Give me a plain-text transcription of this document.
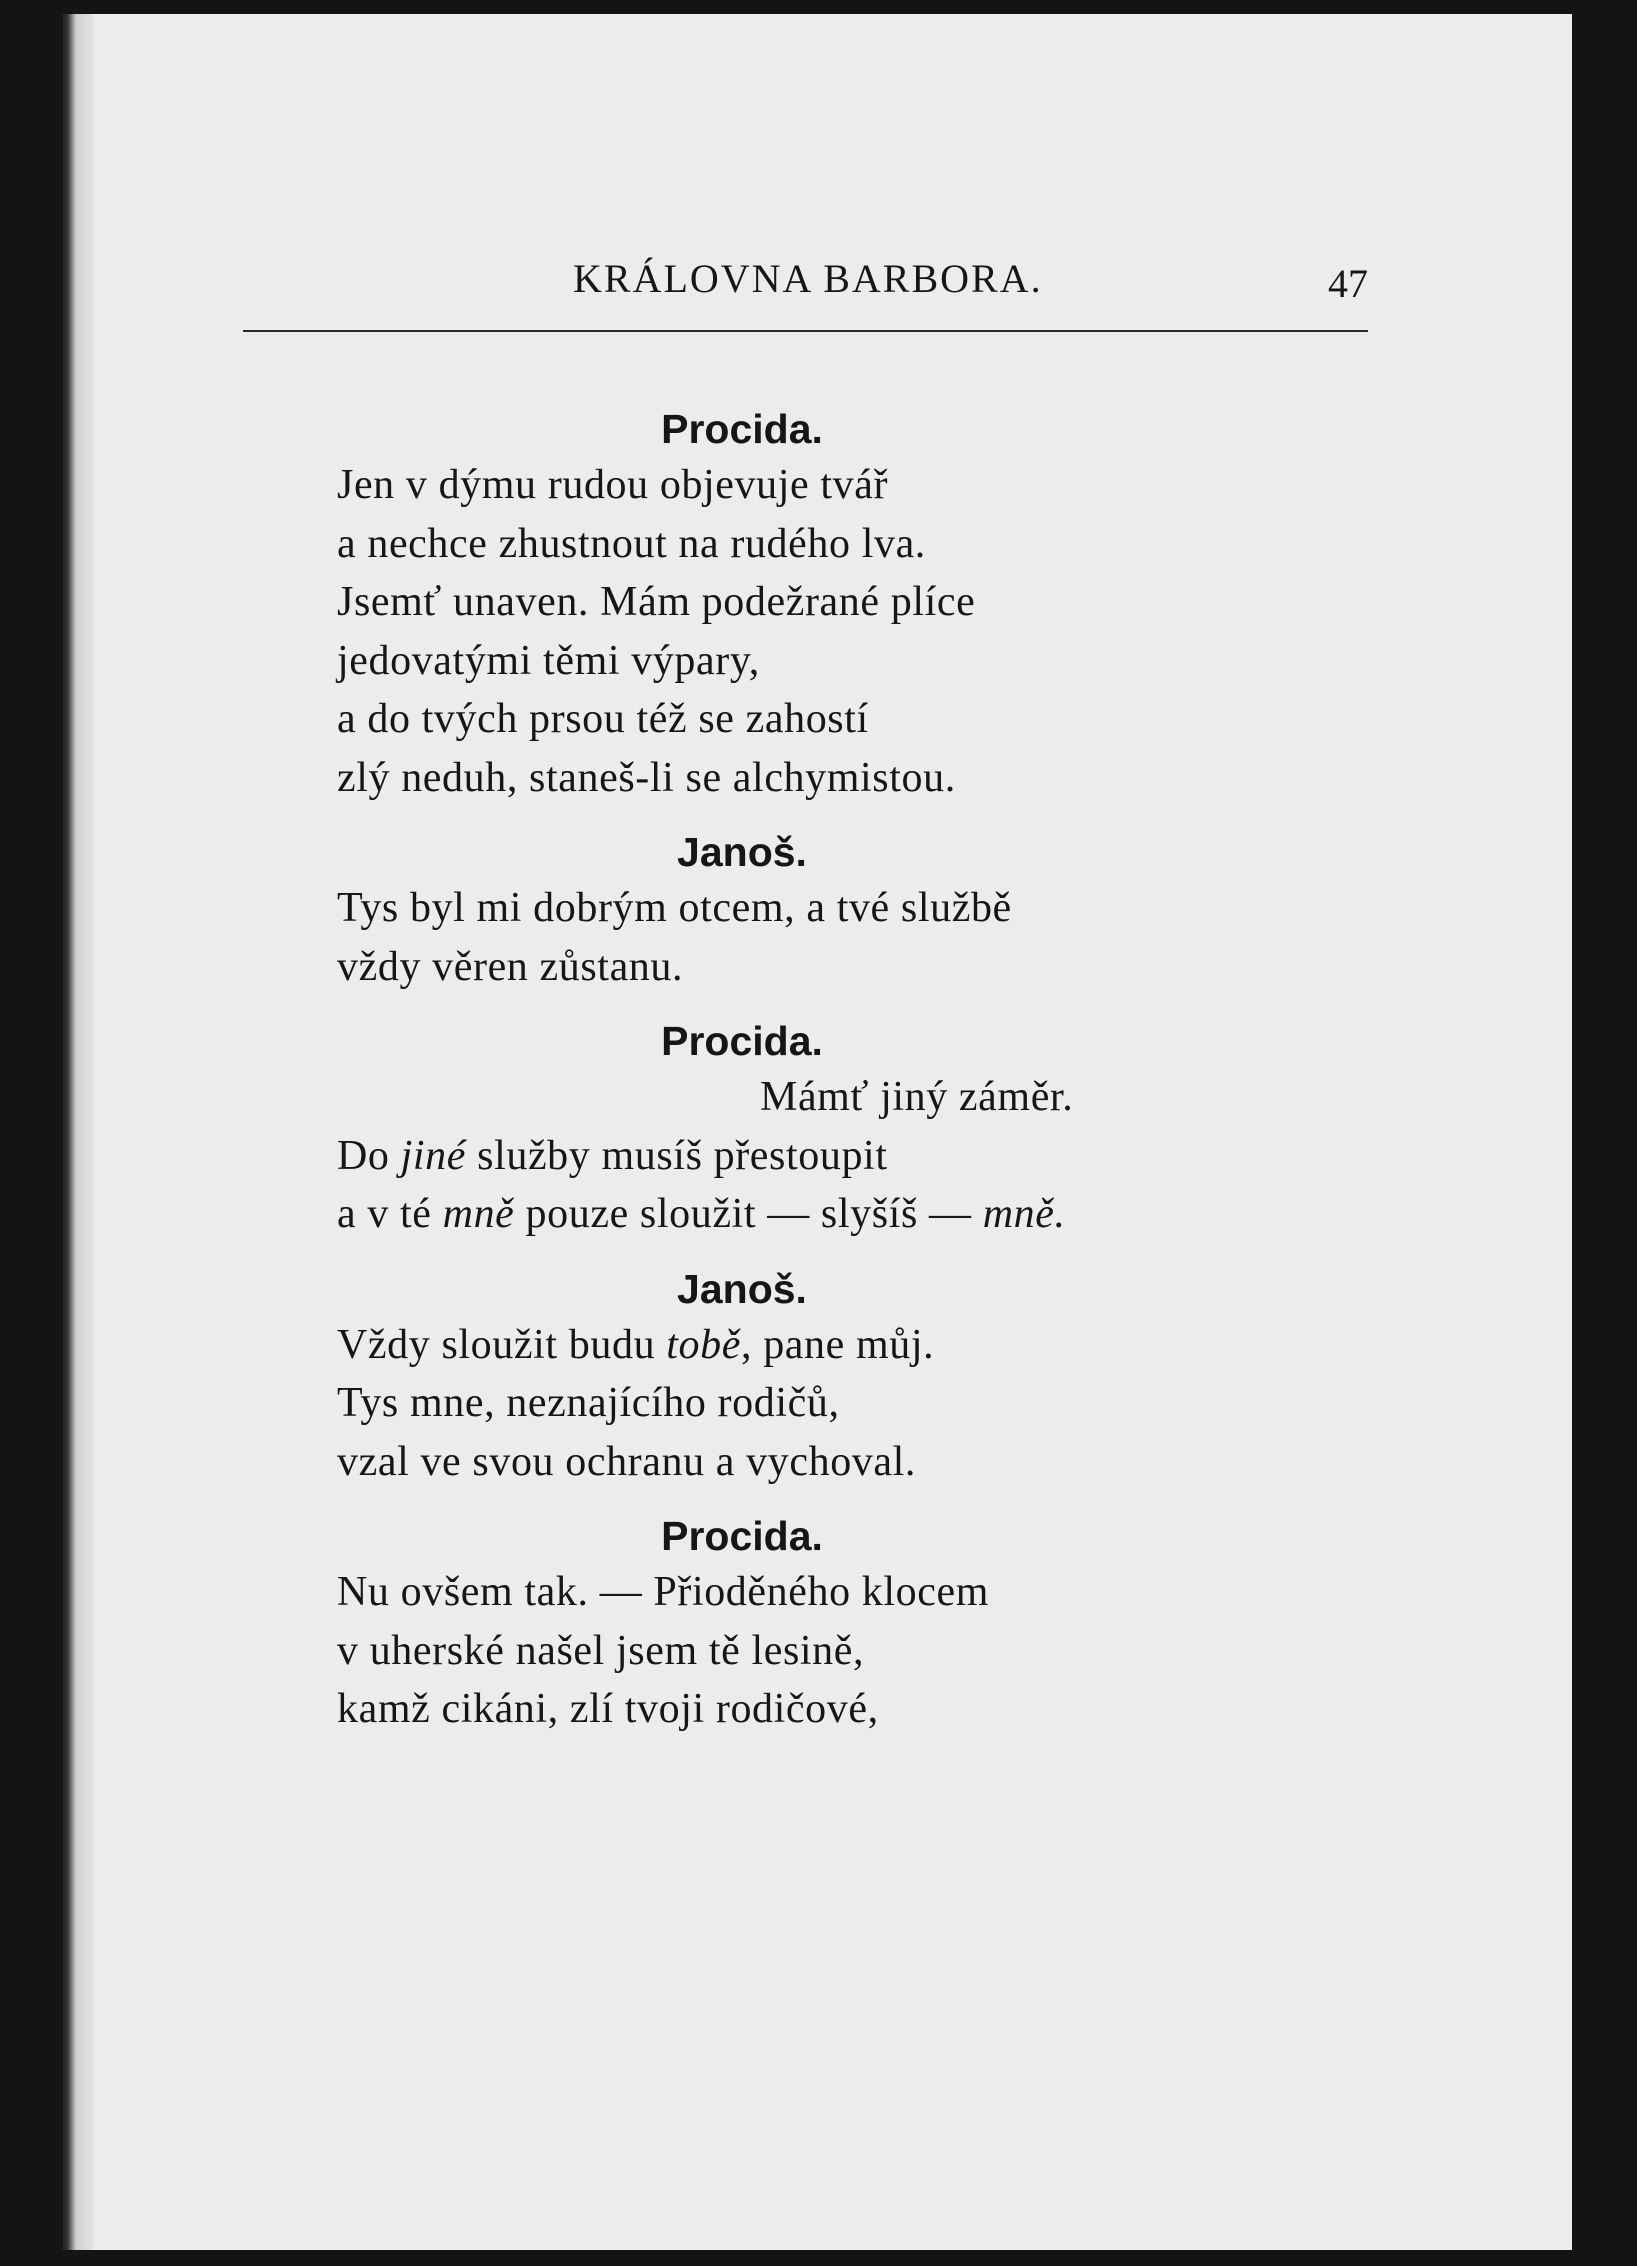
KRÁLOVNA BARBORA.	47
Procida.
Jen v dýmu rudou objevuje tvář
a nechce zhustnout na rudého lva.
Jsemť unaven. Mám podežrané plíce
jedovatými těmi výpary,
a do tvých prsou též se zahostí
zlý neduh, staneš-li se alchymistou.
Janoš.
Tys byl mi dobrým otcem, a tvé službě
vždy věren zůstanu.
Procida.
Mámť jiný záměr.
Do jiné služby musíš přestoupit
a v té mně pouze sloužit — slyšíš — mně.
Janoš.
Vždy sloužit budu tobě, pane můj.
Tys mne, neznajícího rodičů,
vzal ve svou ochranu a vychoval.
Procida.
Nu ovšem tak. — Přioděného klocem
v uherské našel jsem tě lesině,
kamž cikáni, zlí tvoji rodičové,
